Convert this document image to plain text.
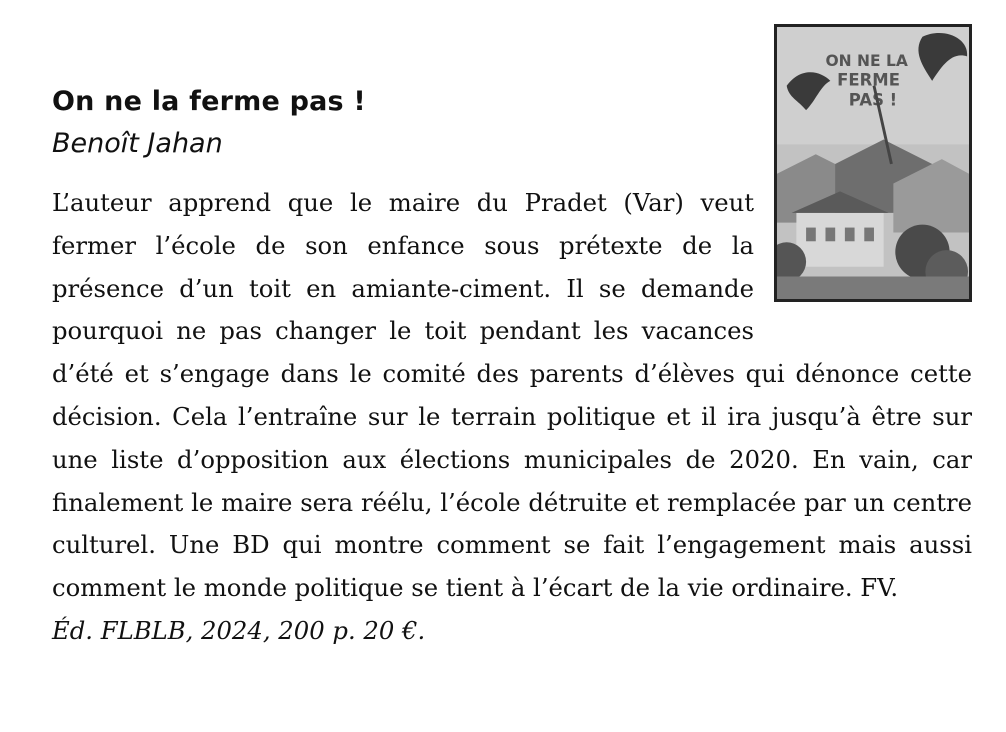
ON NE LA
FERME
PAS !
On ne la ferme pas !
Benoît Jahan

L’auteur apprend que le maire du Pradet (Var) veut fermer l’école de son enfance sous prétexte de la présence d’un toit en amiante-ciment. Il se demande pourquoi ne pas changer le toit pendant les vacances d’été et s’engage dans le comité des parents d’élèves qui dénonce cette décision. Cela l’entraîne sur le terrain politique et il ira jusqu’à être sur une liste d’opposition aux élections municipales de 2020. En vain, car finalement le maire sera réélu, l’école détruite et remplacée par un centre culturel. Une BD qui montre comment se fait l’engagement mais aussi comment le monde politique se tient à l’écart de la vie ordinaire. FV.

Éd. FLBLB, 2024, 200 p. 20 €.
